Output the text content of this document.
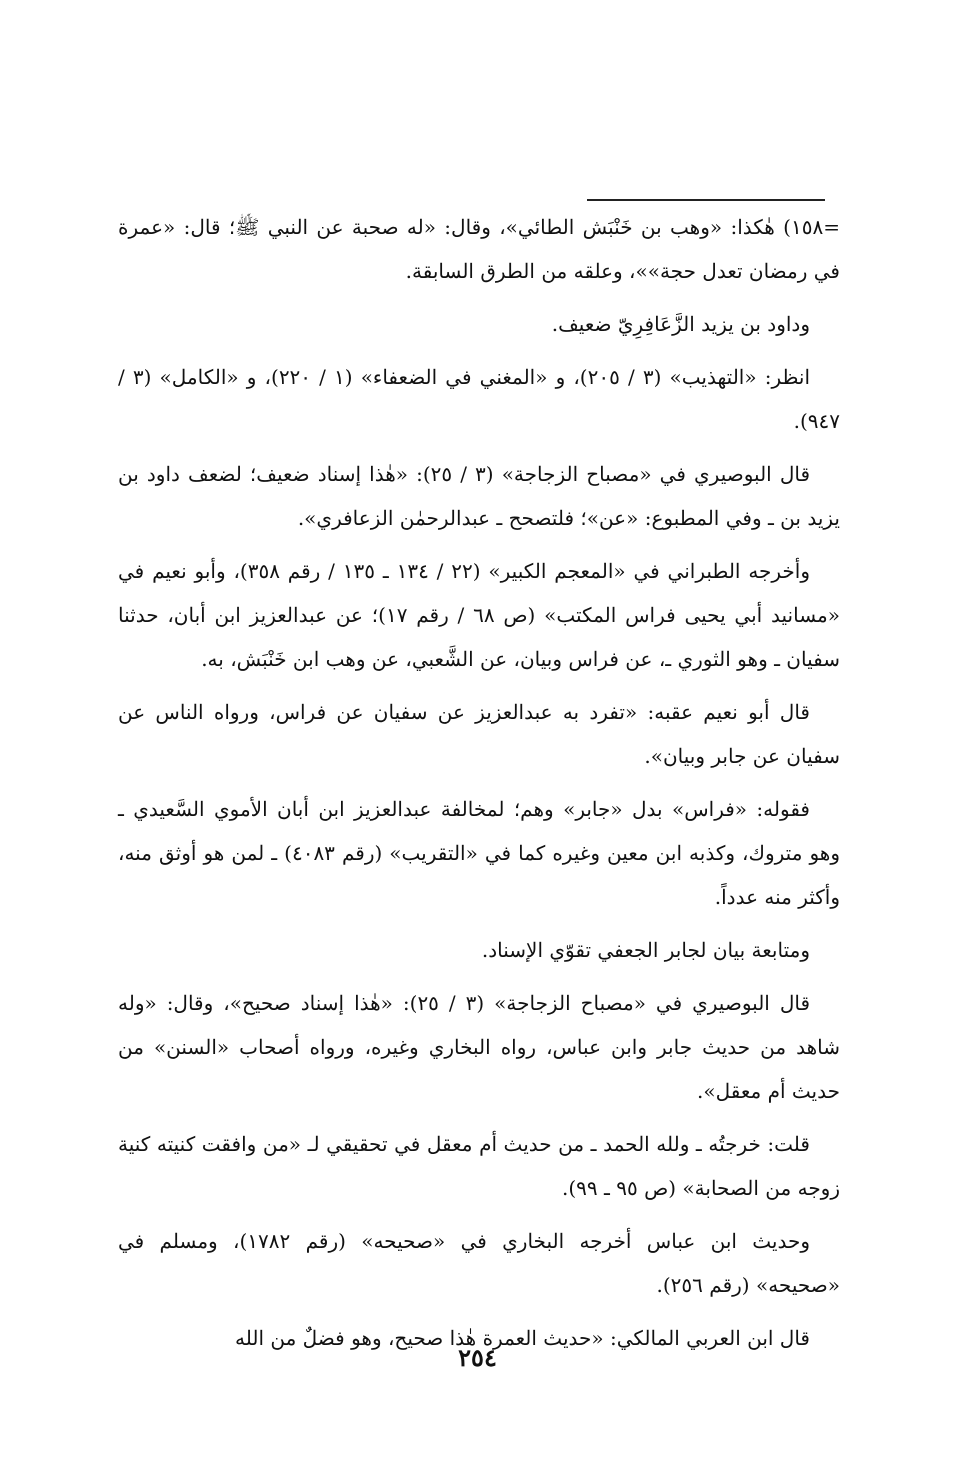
=١٥٨) هٰكذا: «وهب بن خَنْبَش الطائي»، وقال: «له صحبة عن النبي ﷺ؛ قال: «عمرة في رمضان تعدل حجة»»، وعلقه من الطرق السابقة.

وداود بن يزيد الزَّعَافِرِيّ ضعيف.

انظر: «التهذيب» (٣ / ٢٠٥)، و «المغني في الضعفاء» (١ / ٢٢٠)، و «الكامل» (٣ / ٩٤٧).

قال البوصيري في «مصباح الزجاجة» (٣ / ٢٥): «هٰذا إسناد ضعيف؛ لضعف داود بن يزيد بن ـ وفي المطبوع: «عن»؛ فلتصحح ـ عبدالرحمٰن الزعافري».

وأخرجه الطبراني في «المعجم الكبير» (٢٢ / ١٣٤ ـ ١٣٥ / رقم ٣٥٨)، وأبو نعيم في «مسانيد أبي يحيى فراس المكتب» (ص ٦٨ / رقم ١٧)؛ عن عبدالعزيز ابن أبان، حدثنا سفيان ـ وهو الثوري ـ، عن فراس وبيان، عن الشَّعبي، عن وهب ابن خَنْبَش، به.

قال أبو نعيم عقبه: «تفرد به عبدالعزيز عن سفيان عن فراس، ورواه الناس عن سفيان عن جابر وبيان».

فقوله: «فراس» بدل «جابر» وهم؛ لمخالفة عبدالعزيز ابن أبان الأموي السَّعيدي ـ وهو متروك، وكذبه ابن معين وغيره كما في «التقريب» (رقم ٤٠٨٣) ـ لمن هو أوثق منه، وأكثر منه عدداً.

ومتابعة بيان لجابر الجعفي تقوّي الإسناد.

قال البوصيري في «مصباح الزجاجة» (٣ / ٢٥): «هٰذا إسناد صحيح»، وقال: «وله شاهد من حديث جابر وابن عباس، رواه البخاري وغيره، ورواه أصحاب «السنن» من حديث أم معقل».

قلت: خرجتُه ـ ولله الحمد ـ من حديث أم معقل في تحقيقي لـ «من وافقت كنيته كنية زوجه من الصحابة» (ص ٩٥ ـ ٩٩).

وحديث ابن عباس أخرجه البخاري في «صحيحه» (رقم ١٧٨٢)، ومسلم في «صحيحه» (رقم ٢٥٦).

قال ابن العربي المالكي: «حديث العمرة هٰذا صحيح، وهو فضلٌ من الله

٢٥٤
